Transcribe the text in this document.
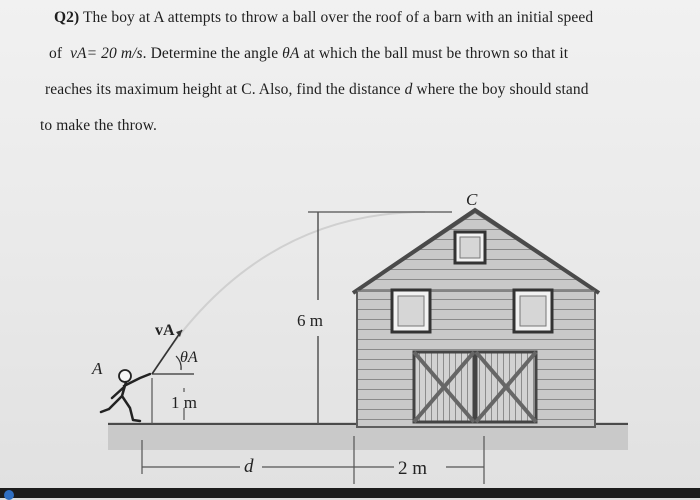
Q2) The boy at A attempts to throw a ball over the roof of a barn with an initial speed
of vA= 20 m/s. Determine the angle θA at which the ball must be thrown so that it
reaches its maximum height at C. Also, find the distance d where the boy should stand
to make the throw.
6 m
C
A
vA
θA
1 m
d	2 m
